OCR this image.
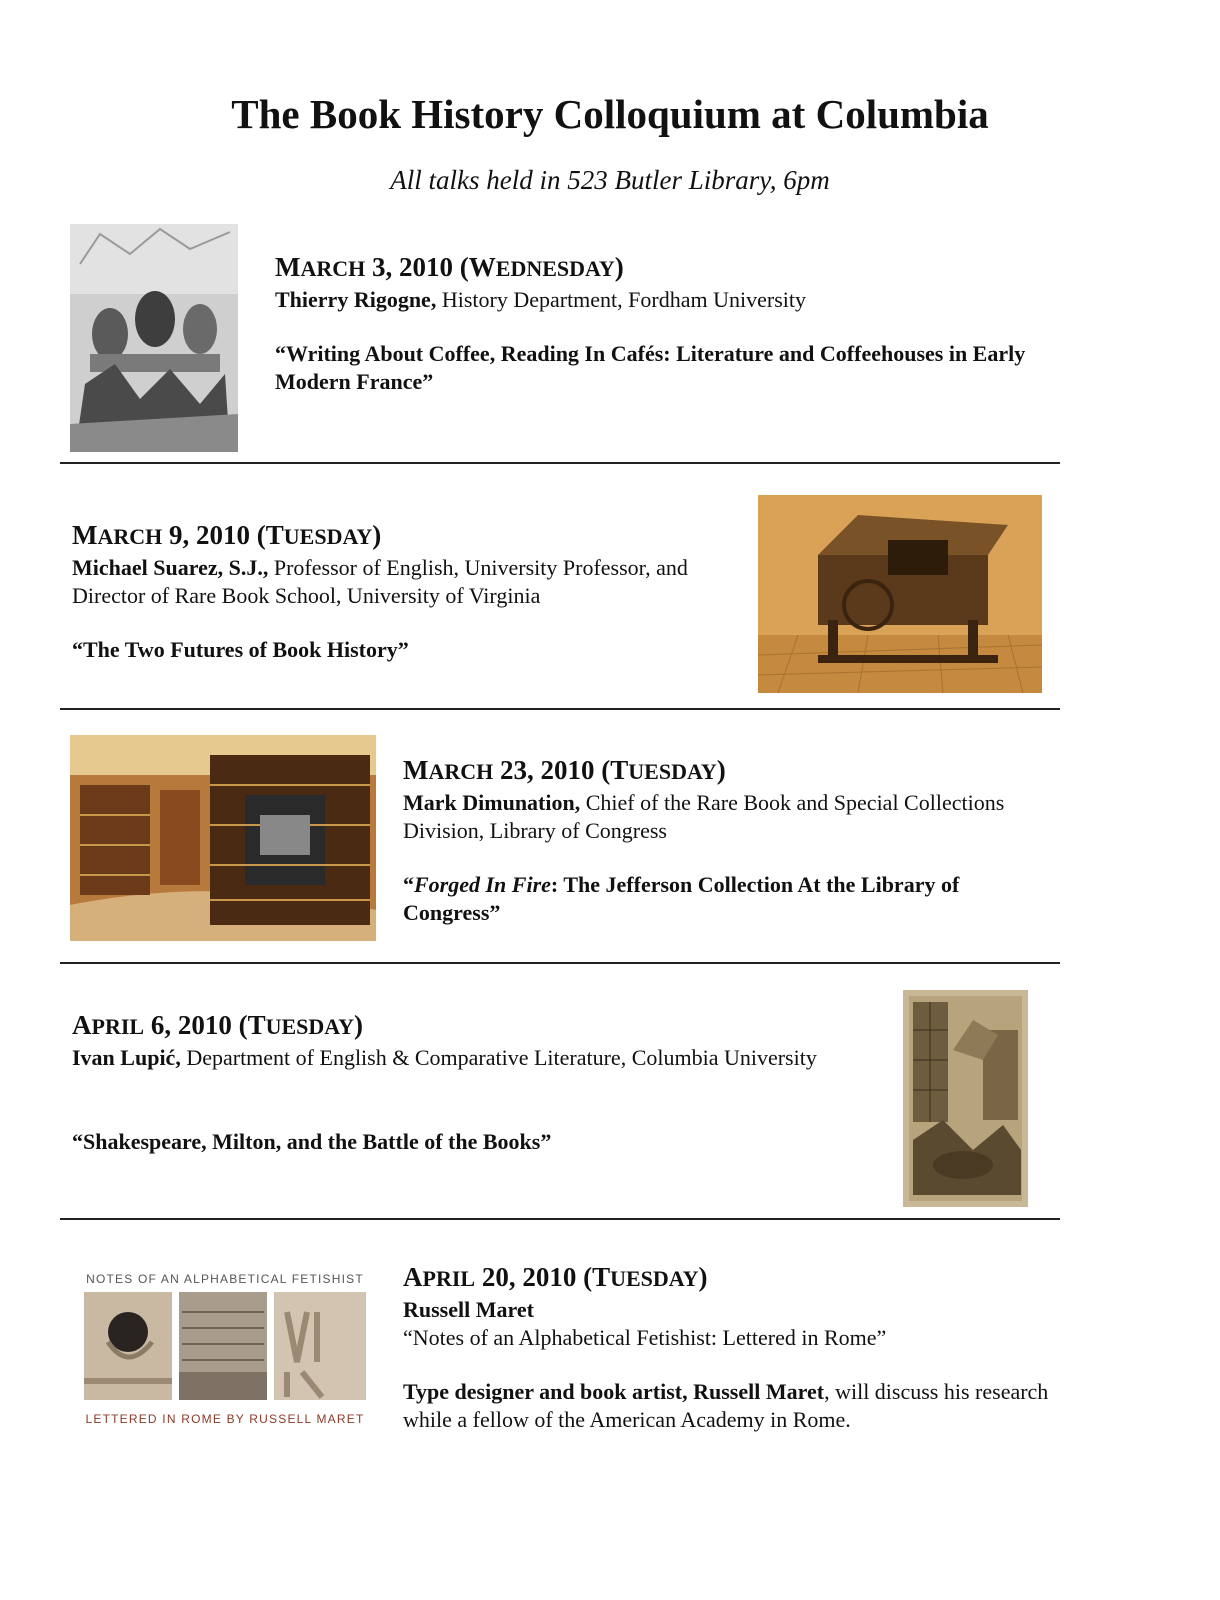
The Book History Colloquium at Columbia

All talks held in 523 Butler Library, 6pm

MARCH 3, 2010 (WEDNESDAY)

Thierry Rigogne, History Department, Fordham University

“Writing About Coffee, Reading In Cafés: Literature and Coffeehouses in Early Modern France”

MARCH 9, 2010 (TUESDAY)

Michael Suarez, S.J., Professor of English, University Professor, and Director of Rare Book School, University of Virginia

“The Two Futures of Book History”

MARCH 23, 2010 (TUESDAY)

Mark Dimunation, Chief of the Rare Book and Special Collections Division, Library of Congress

“Forged In Fire: The Jefferson Collection At the Library of Congress”

APRIL 6, 2010 (TUESDAY)

Ivan Lupić, Department of English & Comparative Literature, Columbia University

“Shakespeare, Milton, and the Battle of the Books”

NOTES OF AN ALPHABETICAL FETISHIST
LETTERED IN ROME BY RUSSELL MARET

APRIL 20, 2010 (TUESDAY)

Russell Maret

“Notes of an Alphabetical Fetishist: Lettered in Rome”

Type designer and book artist, Russell Maret, will discuss his research while a fellow of the American Academy in Rome.
